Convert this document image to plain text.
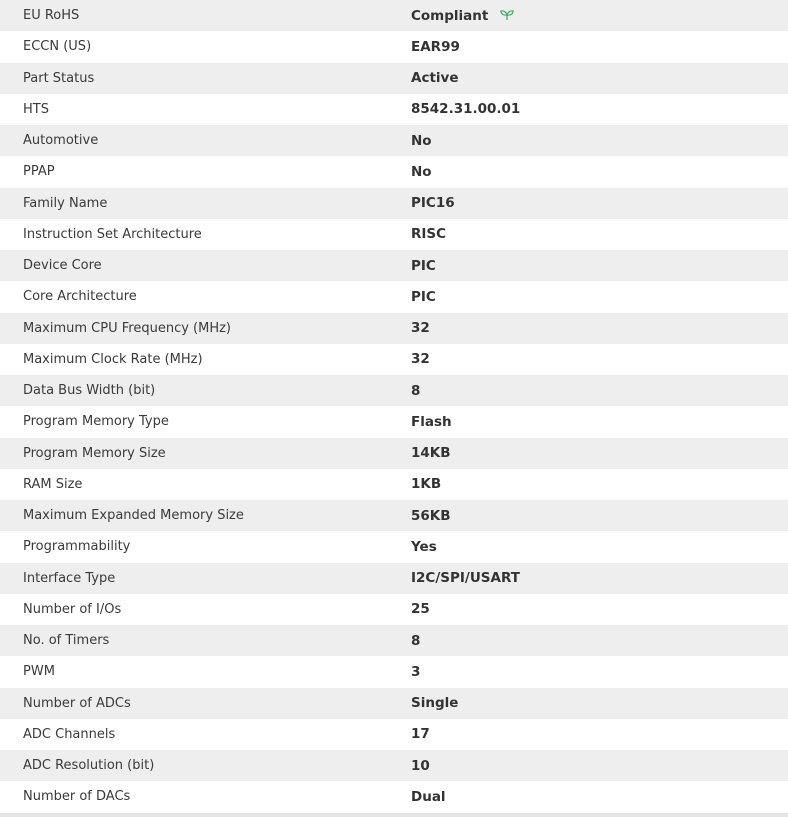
EU RoHS	Compliant
ECCN (US)	EAR99
Part Status	Active
HTS	8542.31.00.01
Automotive	No
PPAP	No
Family Name	PIC16
Instruction Set Architecture	RISC
Device Core	PIC
Core Architecture	PIC
Maximum CPU Frequency (MHz)	32
Maximum Clock Rate (MHz)	32
Data Bus Width (bit)	8
Program Memory Type	Flash
Program Memory Size	14KB
RAM Size	1KB
Maximum Expanded Memory Size	56KB
Programmability	Yes
Interface Type	I2C/SPI/USART
Number of I/Os	25
No. of Timers	8
PWM	3
Number of ADCs	Single
ADC Channels	17
ADC Resolution (bit)	10
Number of DACs	Dual
